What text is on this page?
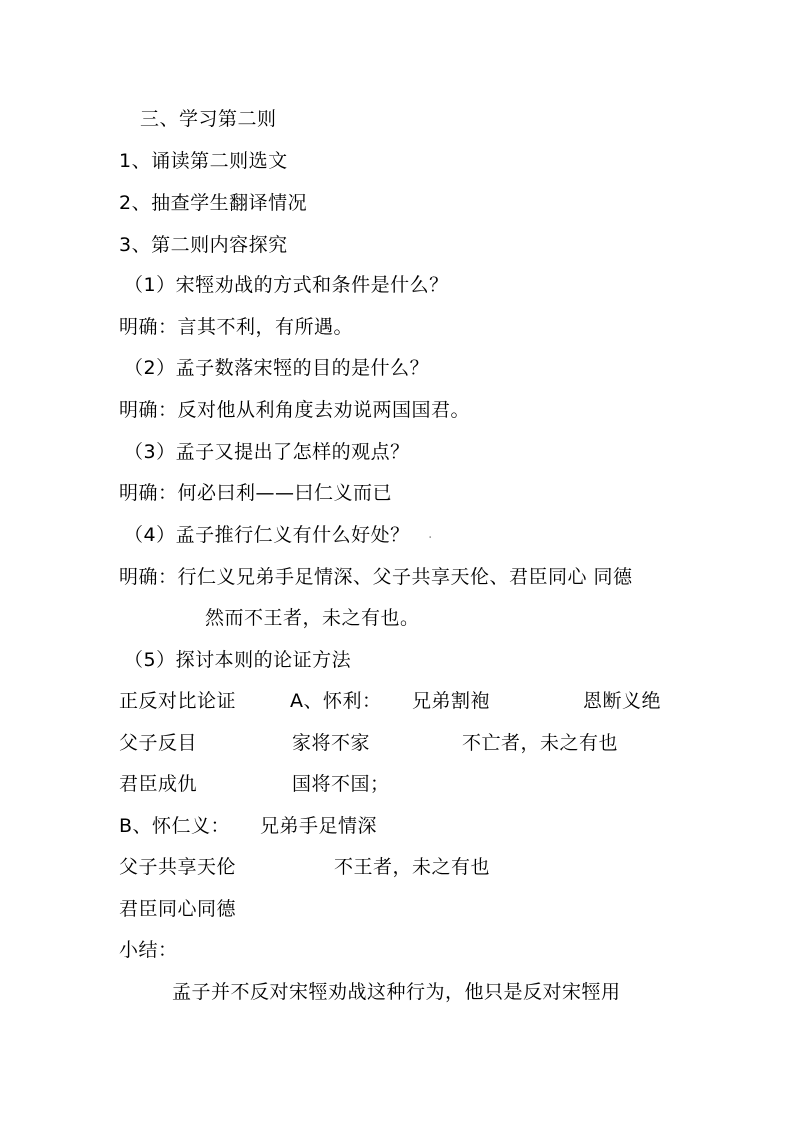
三、学习第二则
1、诵读第二则选文
2、抽查学生翻译情况
3、第二则内容探究
（1）宋牼劝战的方式和条件是什么？
明确：言其不利，有所遇。
（2）孟子数落宋牼的目的是什么？
明确：反对他从利角度去劝说两国国君。
（3）孟子又提出了怎样的观点？
明确：何必曰利——曰仁义而已
（4）孟子推行仁义有什么好处？ .
明确：行仁义兄弟手足情深、父子共享天伦、君臣同心 同德
然而不王者，未之有也。
（5）探讨本则的论证方法
正反对比论证	A、怀利： 兄弟割袍	恩断义绝
父子反目	家将不家	不亡者，未之有也
君臣成仇	国将不国；
B、怀仁义： 兄弟手足情深
父子共享天伦	不王者，未之有也
君臣同心同德
小结：
孟子并不反对宋牼劝战这种行为，他只是反对宋牼用
